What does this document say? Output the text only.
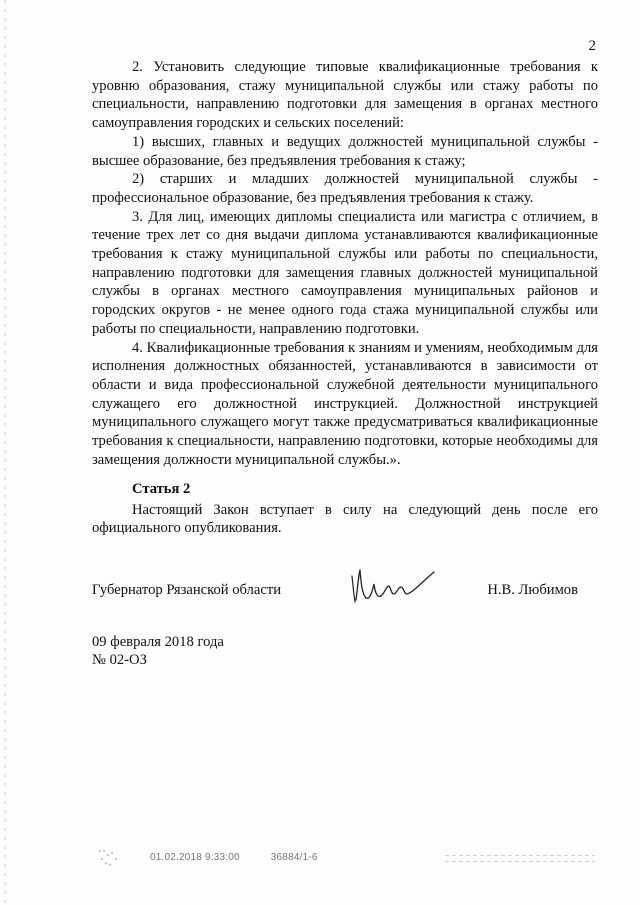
2

2. Установить следующие типовые квалификационные требования к уровню образования, стажу муниципальной службы или стажу работы по специальности, направлению подготовки для замещения в органах местного самоуправления городских и сельских поселений:

1) высших, главных и ведущих должностей муниципальной службы - высшее образование, без предъявления требования к стажу;

2) старших и младших должностей муниципальной службы - профессиональное образование, без предъявления требования к стажу.

3. Для лиц, имеющих дипломы специалиста или магистра с отличием, в течение трех лет со дня выдачи диплома устанавливаются квалификационные требования к стажу муниципальной службы или работы по специальности, направлению подготовки для замещения главных должностей муниципальной службы в органах местного самоуправления муниципальных районов и городских округов - не менее одного года стажа муниципальной службы или работы по специальности, направлению подготовки.

4. Квалификационные требования к знаниям и умениям, необходимым для исполнения должностных обязанностей, устанавливаются в зависимости от области и вида профессиональной служебной деятельности муниципального служащего его должностной инструкцией. Должностной инструкцией муниципального служащего могут также предусматриваться квалификационные требования к специальности, направлению подготовки, которые необходимы для замещения должности муниципальной службы.».

Статья 2

Настоящий Закон вступает в силу на следующий день после его официального опубликования.

Губернатор Рязанской области	Н.В. Любимов
09 февраля 2018 года
№ 02-ОЗ
01.02.2018 9:33:00	36884/1-6
